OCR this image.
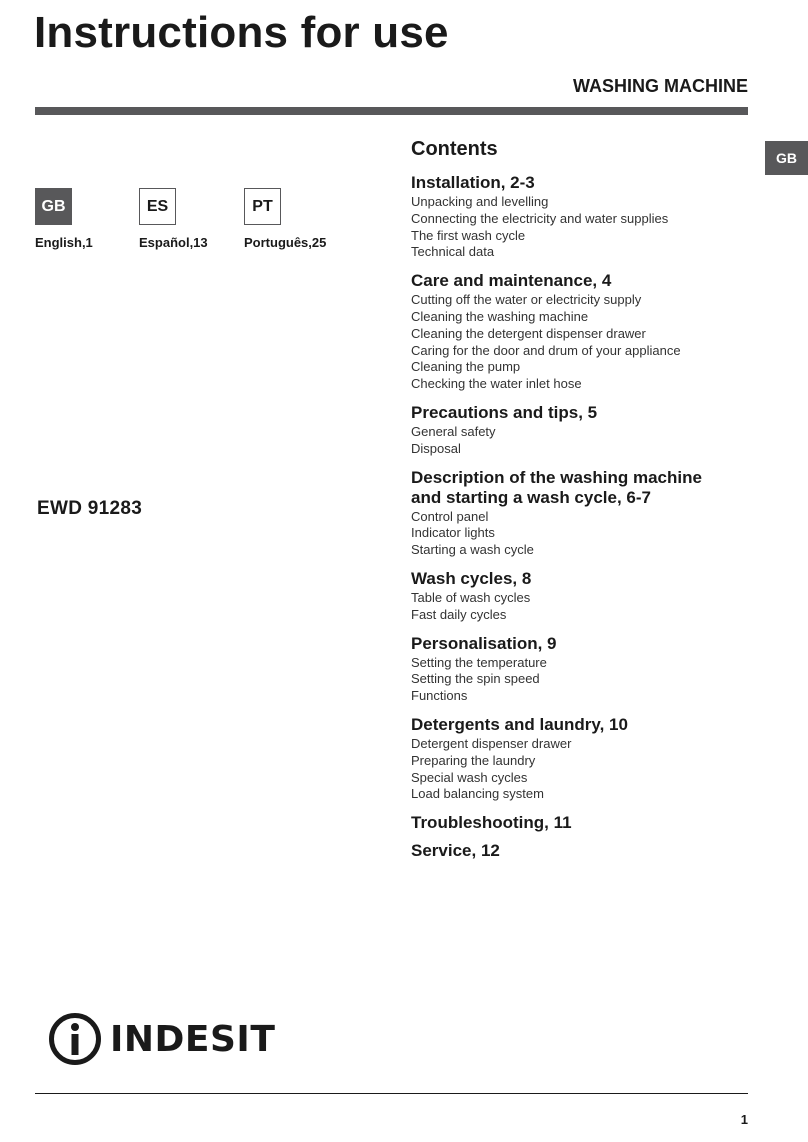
Instructions for use
WASHING MACHINE
GB
GB
English,1
ES
Español,13
PT
Português,25
EWD 91283
Contents
Installation, 2-3
Unpacking and levelling
Connecting the electricity and water supplies
The first wash cycle
Technical data
Care and maintenance, 4
Cutting off the water or electricity supply
Cleaning the washing machine
Cleaning the detergent dispenser drawer
Caring for the door and drum of your appliance
Cleaning the pump
Checking the water inlet hose
Precautions and tips, 5
General safety
Disposal
Description of the washing machine
and starting a wash cycle, 6-7
Control panel
Indicator lights
Starting a wash cycle
Wash cycles, 8
Table of wash cycles
Fast daily cycles
Personalisation, 9
Setting the temperature
Setting the spin speed
Functions
Detergents and laundry, 10
Detergent dispenser drawer
Preparing the laundry
Special wash cycles
Load balancing system
Troubleshooting, 11
Service, 12
INDESIT
1
